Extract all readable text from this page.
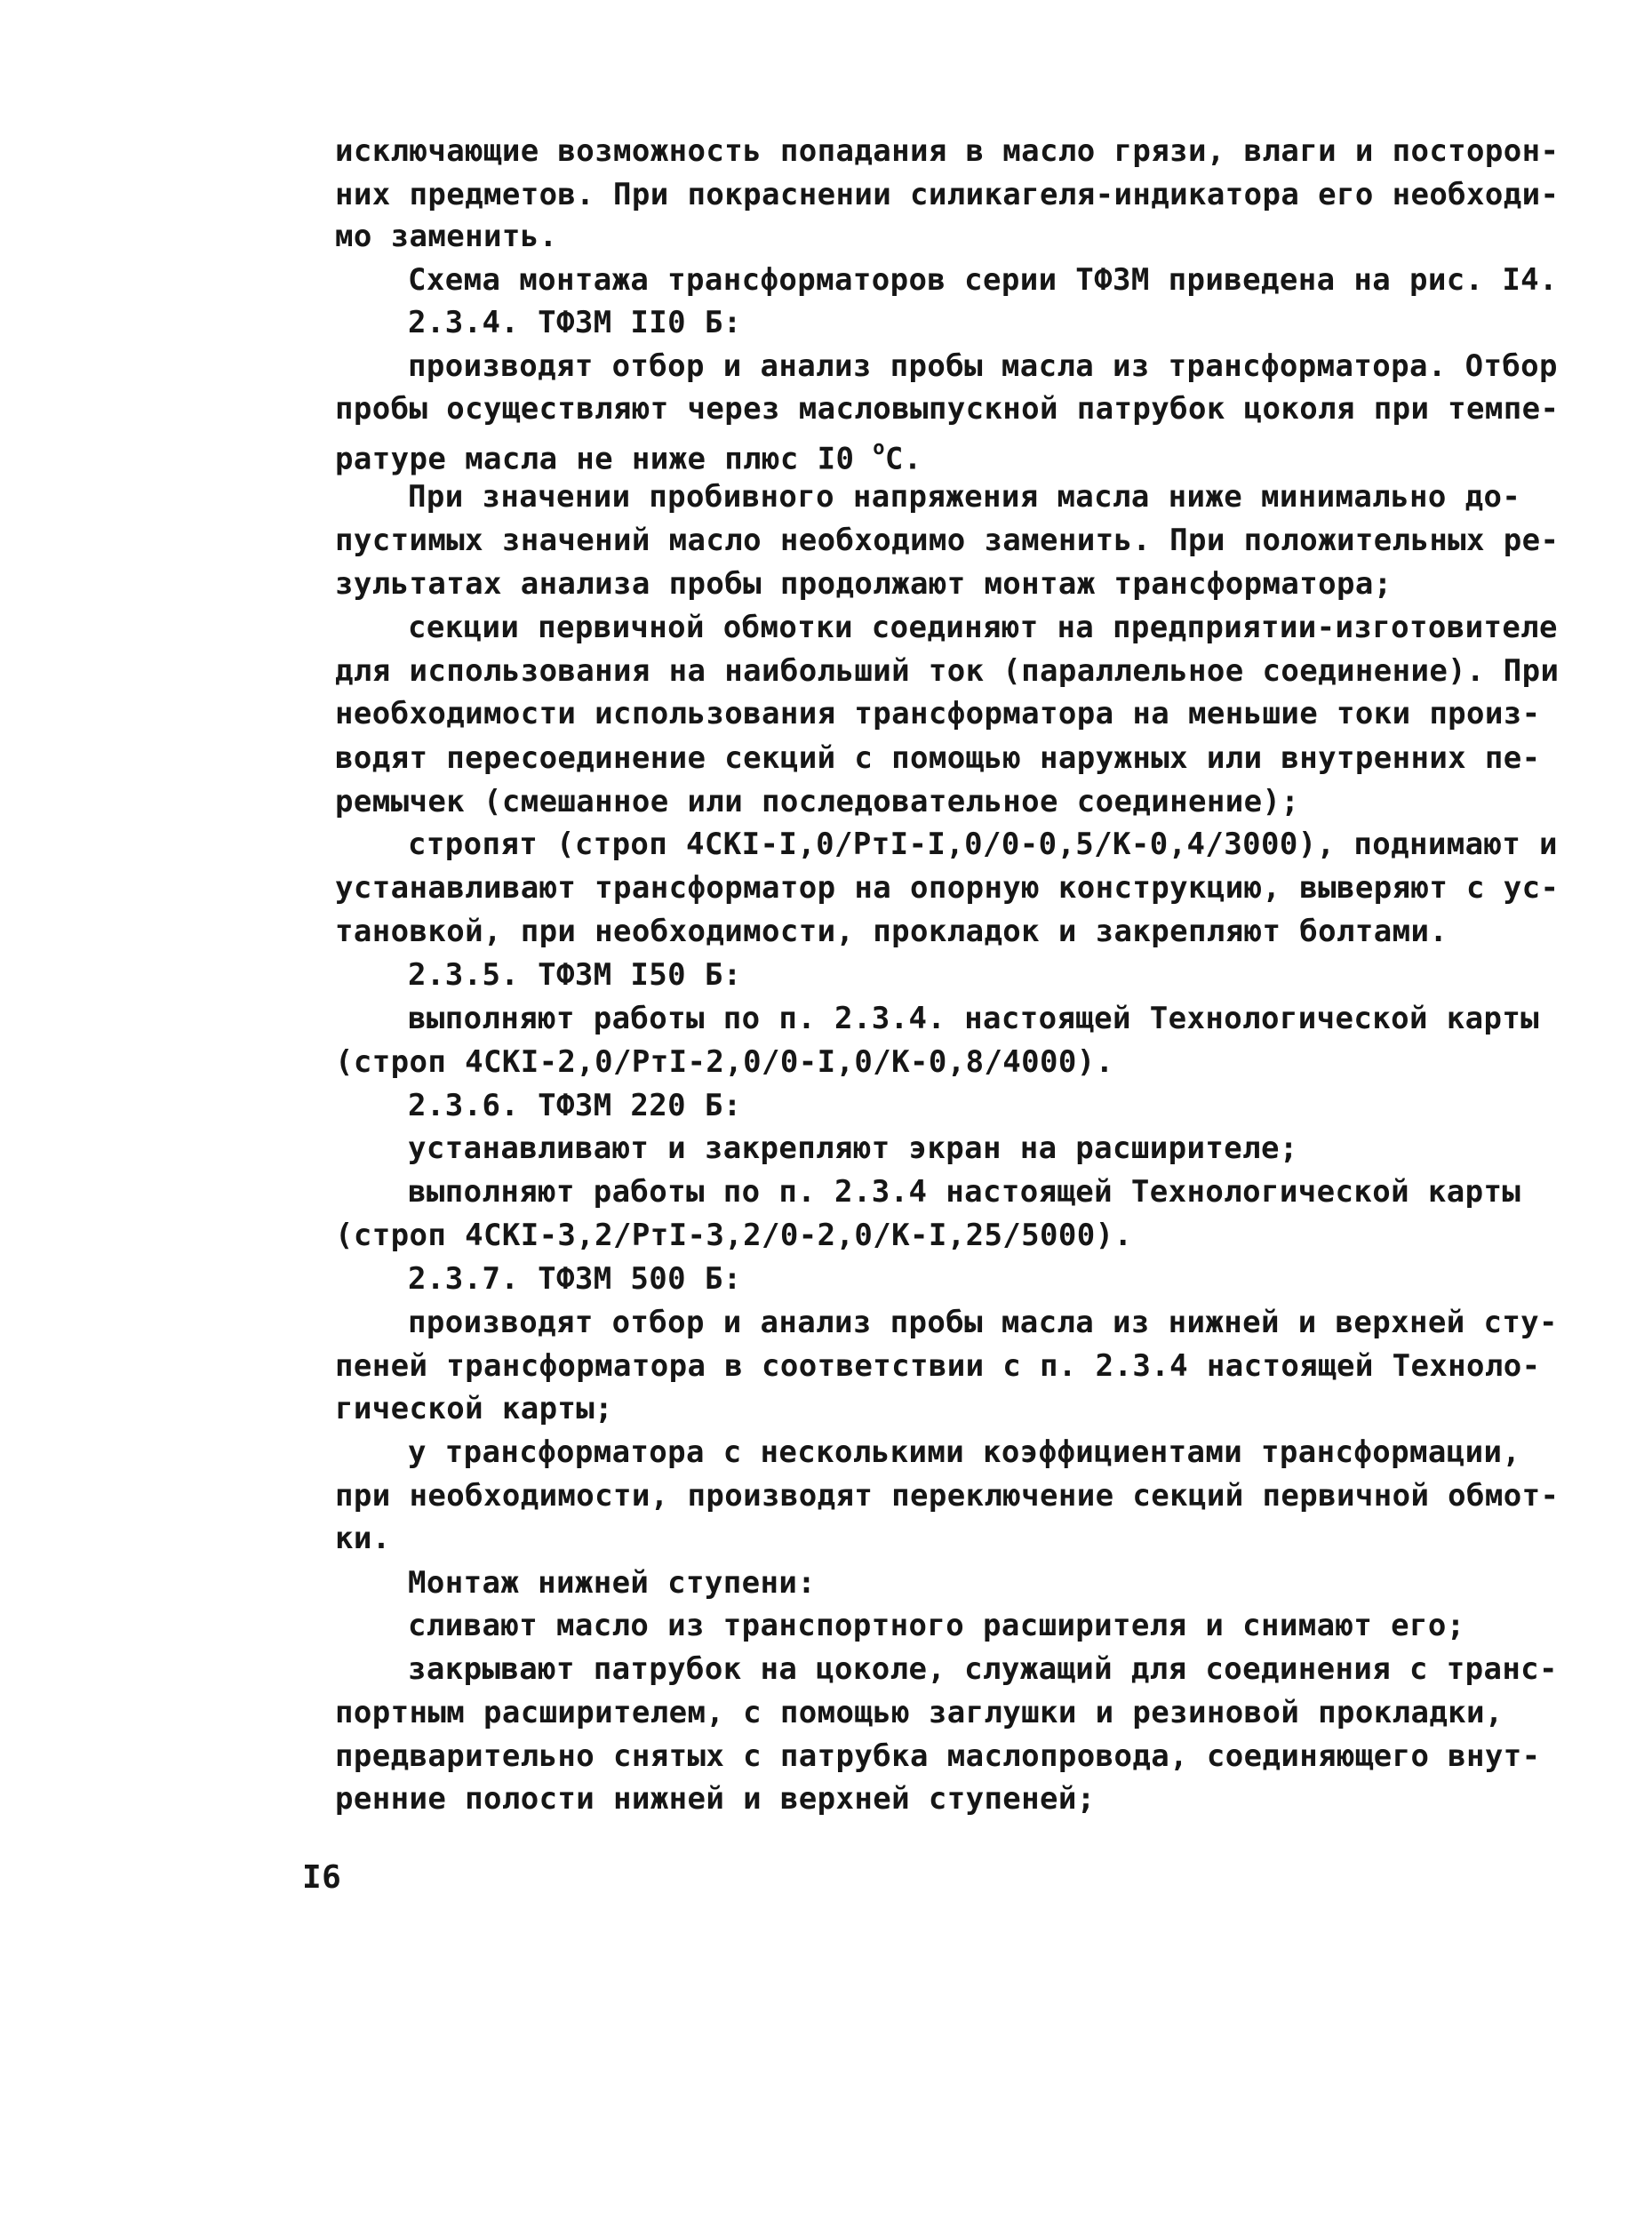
исключающие возможность попадания в масло грязи, влаги и посторон-
них предметов. При покраснении силикагеля-индикатора его необходи-
мо заменить.
Схема монтажа трансформаторов серии ТФЗМ приведена на рис. I4.
2.3.4. ТФЗМ II0 Б:
производят отбор и анализ пробы масла из трансформатора. Отбор
пробы осуществляют через масловыпускной патрубок цоколя при темпе-
ратуре масла не ниже плюс I0 $^о$С.
При значении пробивного напряжения масла ниже минимально до-
пустимых значений масло необходимо заменить. При положительных ре-
зультатах анализа пробы продолжают монтаж трансформатора;
секции первичной обмотки соединяют на предприятии-изготовителе
для использования на наибольший ток (параллельное соединение). При
необходимости использования трансформатора на меньшие токи произ-
водят пересоединение секций с помощью наружных или внутренних пе-
ремычек (смешанное или последовательное соединение);
стропят (строп 4СКI-I,0/РтI-I,0/0-0,5/К-0,4/3000), поднимают и
устанавливают трансформатор на опорную конструкцию, выверяют с ус-
тановкой, при необходимости, прокладок и закрепляют болтами.
2.3.5. ТФЗМ I50 Б:
выполняют работы по п. 2.3.4. настоящей Технологической карты
(строп 4СКI-2,0/РтI-2,0/0-I,0/К-0,8/4000).
2.3.6. ТФЗМ 220 Б:
устанавливают и закрепляют экран на расширителе;
выполняют работы по п. 2.3.4 настоящей Технологической карты
(строп 4СКI-3,2/РтI-3,2/0-2,0/К-I,25/5000).
2.3.7. ТФЗМ 500 Б:
производят отбор и анализ пробы масла из нижней и верхней сту-
пеней трансформатора в соответствии с п. 2.3.4 настоящей Техноло-
гической карты;
у трансформатора с несколькими коэффициентами трансформации,
при необходимости, производят переключение секций первичной обмот-
ки.
Монтаж нижней ступени:
сливают масло из транспортного расширителя и снимают его;
закрывают патрубок на цоколе, служащий для соединения с транс-
портным расширителем, с помощью заглушки и резиновой прокладки,
предварительно снятых с патрубка маслопровода, соединяющего внут-
ренние полости нижней и верхней ступеней;
I6
